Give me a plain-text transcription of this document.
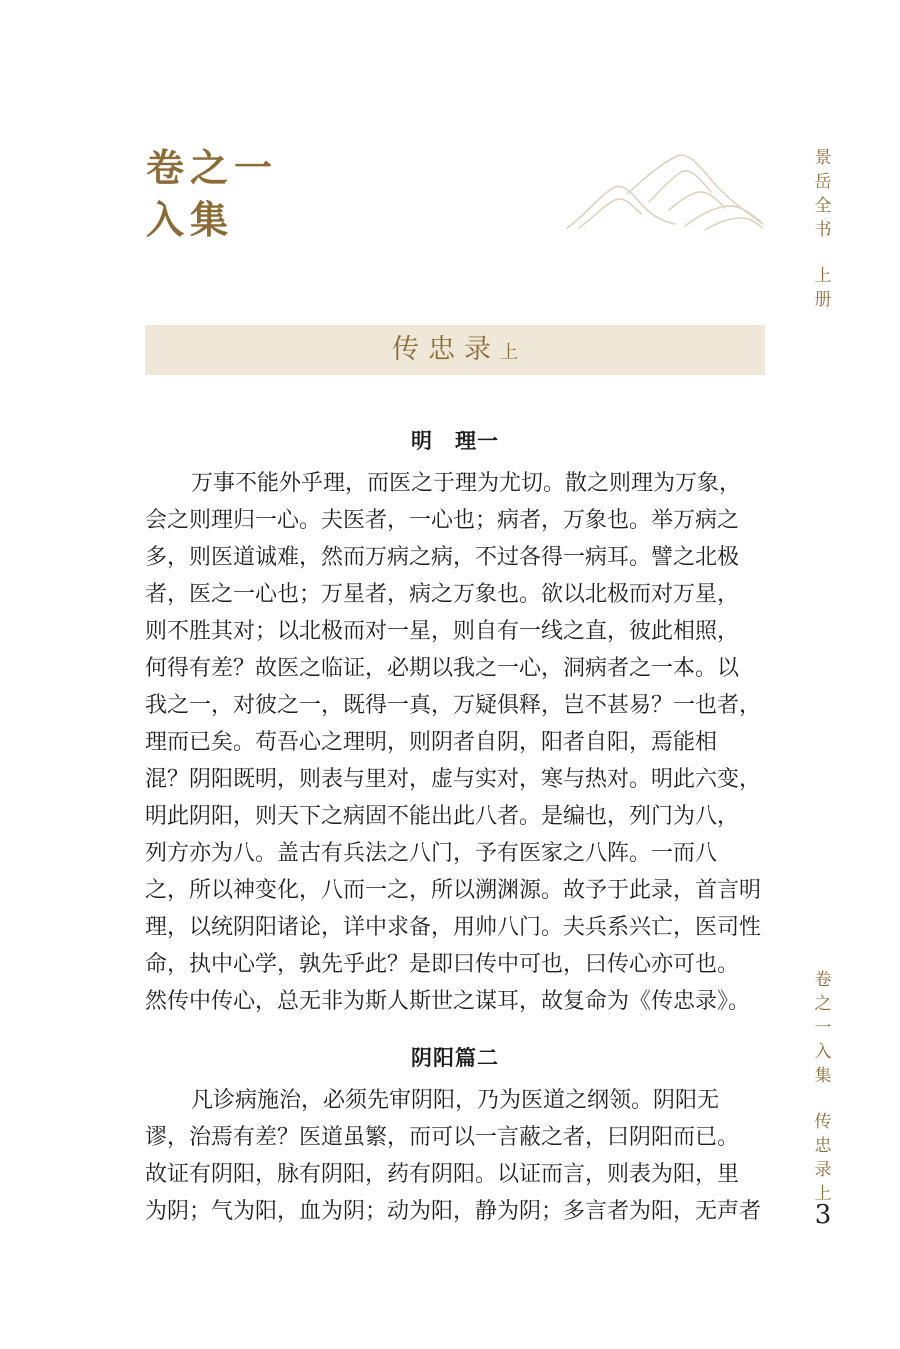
卷之一
入集
景
岳
全
书
上
册
卷
之
一
入
集
传
忠
录
上
3
传忠录上
明　理一
万事不能外乎理，而医之于理为尤切。散之则理为万象，
会之则理归一心。夫医者，一心也；病者，万象也。举万病之
多，则医道诚难，然而万病之病，不过各得一病耳。譬之北极
者，医之一心也；万星者，病之万象也。欲以北极而对万星，
则不胜其对；以北极而对一星，则自有一线之直，彼此相照，
何得有差？故医之临证，必期以我之一心，洞病者之一本。以
我之一，对彼之一，既得一真，万疑俱释，岂不甚易？一也者，
理而已矣。苟吾心之理明，则阴者自阴，阳者自阳，焉能相
混？阴阳既明，则表与里对，虚与实对，寒与热对。明此六变，
明此阴阳，则天下之病固不能出此八者。是编也，列门为八，
列方亦为八。盖古有兵法之八门，予有医家之八阵。一而八
之，所以神变化，八而一之，所以溯渊源。故予于此录，首言明
理，以统阴阳诸论，详中求备，用帅八门。夫兵系兴亡，医司性
命，执中心学，孰先乎此？是即曰传中可也，曰传心亦可也。
然传中传心，总无非为斯人斯世之谋耳，故复命为《传忠录》。
阴阳篇二
凡诊病施治，必须先审阴阳，乃为医道之纲领。阴阳无
谬，治焉有差？医道虽繁，而可以一言蔽之者，曰阴阳而已。
故证有阴阳，脉有阴阳，药有阴阳。以证而言，则表为阳，里
为阴；气为阳，血为阴；动为阳，静为阴；多言者为阳，无声者
